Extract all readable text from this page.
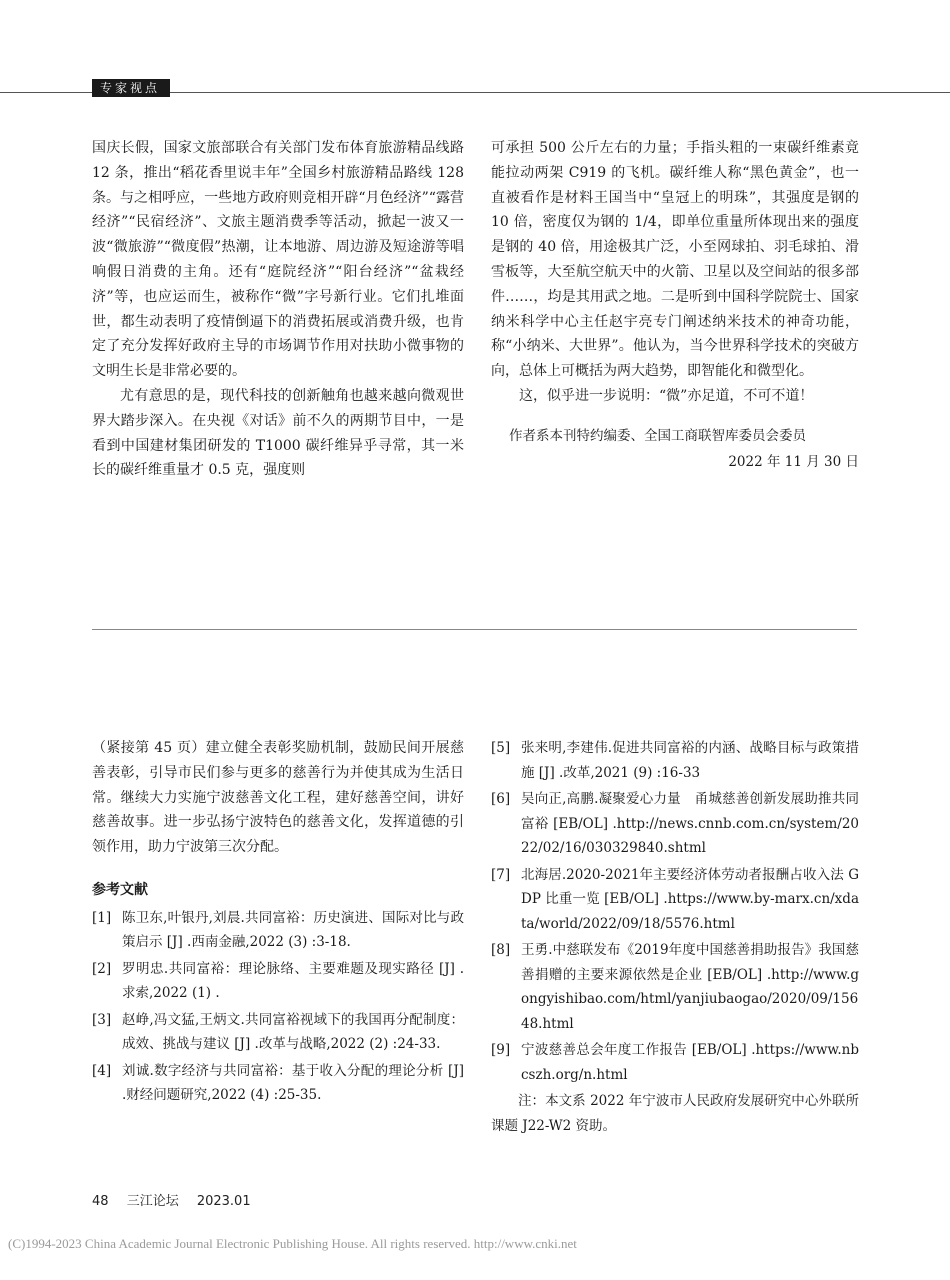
专家视点

国庆长假，国家文旅部联合有关部门发布体育旅游精品线路 12 条，推出“稻花香里说丰年”全国乡村旅游精品路线 128 条。与之相呼应，一些地方政府则竞相开辟“月色经济”“露营经济”“民宿经济”、文旅主题消费季等活动，掀起一波又一波“微旅游”“微度假”热潮，让本地游、周边游及短途游等唱响假日消费的主角。还有“庭院经济”“阳台经济”“盆栽经济”等，也应运而生，被称作“微”字号新行业。它们扎堆面世，都生动表明了疫情倒逼下的消费拓展或消费升级，也肯定了充分发挥好政府主导的市场调节作用对扶助小微事物的文明生长是非常必要的。

尤有意思的是，现代科技的创新触角也越来越向微观世界大踏步深入。在央视《对话》前不久的两期节目中，一是看到中国建材集团研发的 T1000 碳纤维异乎寻常，其一米长的碳纤维重量才 0.5 克，强度则

可承担 500 公斤左右的力量；手指头粗的一束碳纤维素竟能拉动两架 C919 的飞机。碳纤维人称“黑色黄金”，也一直被看作是材料王国当中“皇冠上的明珠”，其强度是钢的 10 倍，密度仅为钢的 1/4，即单位重量所体现出来的强度是钢的 40 倍，用途极其广泛，小至网球拍、羽毛球拍、滑雪板等，大至航空航天中的火箭、卫星以及空间站的很多部件……，均是其用武之地。二是听到中国科学院院士、国家纳米科学中心主任赵宇亮专门阐述纳米技术的神奇功能，称“小纳米、大世界”。他认为，当今世界科学技术的突破方向，总体上可概括为两大趋势，即智能化和微型化。

这，似乎进一步说明：“微”亦足道，不可不道！

作者系本刊特约编委、全国工商联智库委员会委员
2022 年 11 月 30 日

（紧接第 45 页）建立健全表彰奖励机制，鼓励民间开展慈善表彰，引导市民们参与更多的慈善行为并使其成为生活日常。继续大力实施宁波慈善文化工程，建好慈善空间，讲好慈善故事。进一步弘扬宁波特色的慈善文化，发挥道德的引领作用，助力宁波第三次分配。

参考文献
[1] 陈卫东,叶银丹,刘晨.共同富裕：历史演进、国际对比与政策启示 [J] .西南金融,2022 (3) :3-18.
[2] 罗明忠.共同富裕：理论脉络、主要难题及现实路径 [J] .求索,2022 (1) .
[3] 赵峥,冯文猛,王炳文.共同富裕视域下的我国再分配制度：成效、挑战与建议 [J] .改革与战略,2022 (2) :24-33.
[4] 刘诚.数字经济与共同富裕：基于收入分配的理论分析 [J] .财经问题研究,2022 (4) :25-35.
[5] 张来明,李建伟.促进共同富裕的内涵、战略目标与政策措施 [J] .改革,2021 (9) :16-33
[6] 吴向正,高鹏.凝聚爱心力量　甬城慈善创新发展助推共同富裕 [EB/OL] .http://news.cnnb.com.cn/system/2022/02/16/030329840.shtml
[7] 北海居.2020-2021年主要经济体劳动者报酬占收入法 GDP 比重一览 [EB/OL] .https://www.by-marx.cn/xdata/world/2022/09/18/5576.html
[8] 王勇.中慈联发布《2019年度中国慈善捐助报告》我国慈善捐赠的主要来源依然是企业 [EB/OL] .http://www.gongyishibao.com/html/yanjiubaogao/2020/09/15648.html
[9] 宁波慈善总会年度工作报告 [EB/OL] .https://www.nbcszh.org/n.html

注：本文系 2022 年宁波市人民政府发展研究中心外联所课题 J22-W2 资助。

48 三江论坛 2023.01
(C)1994-2023 China Academic Journal Electronic Publishing House. All rights reserved. http://www.cnki.net
